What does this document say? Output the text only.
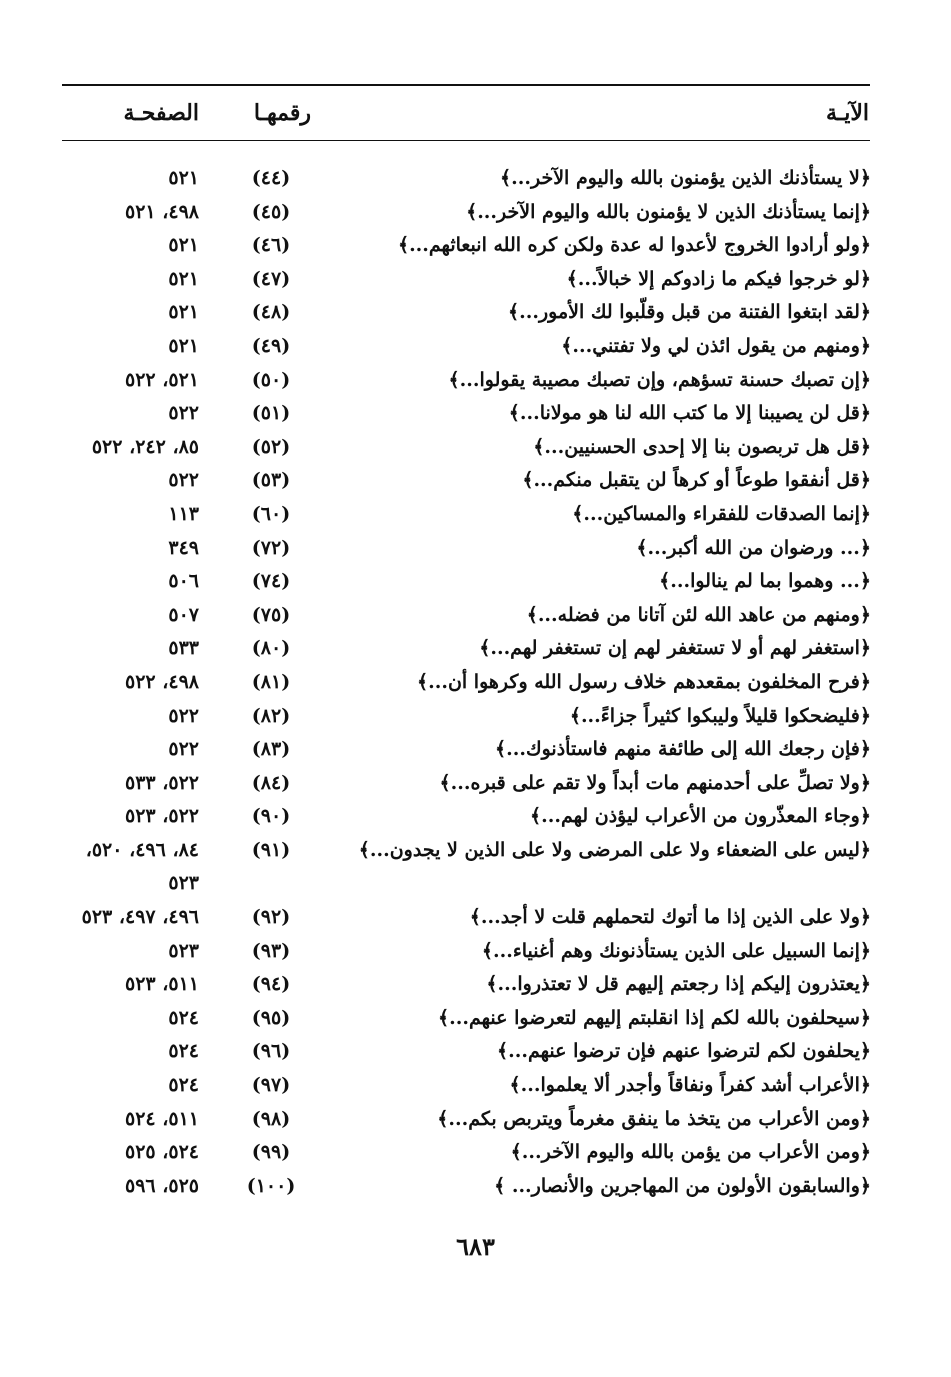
الآيـة
رقمهـا
الصفحـة
﴿لا يستأذنك الذين يؤمنون بالله واليوم الآخر...﴾
(٤٤)
٥٢١
﴿إنما يستأذنك الذين لا يؤمنون بالله واليوم الآخر...﴾
(٤٥)
٤٩٨، ٥٢١
﴿ولو أرادوا الخروج لأعدوا له عدة ولكن كره الله انبعاثهم...﴾
(٤٦)
٥٢١
﴿لو خرجوا فيكم ما زادوكم إلا خبالاً...﴾
(٤٧)
٥٢١
﴿لقد ابتغوا الفتنة من قبل وقلّبوا لك الأمور...﴾
(٤٨)
٥٢١
﴿ومنهم من يقول ائذن لي ولا تفتني...﴾
(٤٩)
٥٢١
﴿إن تصبك حسنة تسؤهم، وإن تصبك مصيبة يقولوا...﴾
(٥٠)
٥٢١، ٥٢٢
﴿قل لن يصيبنا إلا ما كتب الله لنا هو مولانا...﴾
(٥١)
٥٢٢
﴿قل هل تربصون بنا إلا إحدى الحسنيين...﴾
(٥٢)
٨٥، ٢٤٢، ٥٢٢
﴿قل أنفقوا طوعاً أو كرهاً لن يتقبل منكم...﴾
(٥٣)
٥٢٢
﴿إنما الصدقات للفقراء والمساكين...﴾
(٦٠)
١١٣
﴿... ورضوان من الله أكبر...﴾
(٧٢)
٣٤٩
﴿... وهموا بما لم ينالوا...﴾
(٧٤)
٥٠٦
﴿ومنهم من عاهد الله لئن آتانا من فضله...﴾
(٧٥)
٥٠٧
﴿استغفر لهم أو لا تستغفر لهم إن تستغفر لهم...﴾
(٨٠)
٥٣٣
﴿فرح المخلفون بمقعدهم خلاف رسول الله وكرهوا أن...﴾
(٨١)
٤٩٨، ٥٢٢
﴿فليضحكوا قليلاً وليبكوا كثيراً جزاءً...﴾
(٨٢)
٥٢٢
﴿فإن رجعك الله إلى طائفة منهم فاستأذنوك...﴾
(٨٣)
٥٢٢
﴿ولا تصلِّ على أحدمنهم مات أبداً ولا تقم على قبره...﴾
(٨٤)
٥٢٢، ٥٣٣
﴿وجاء المعذّرون من الأعراب ليؤذن لهم...﴾
(٩٠)
٥٢٢، ٥٢٣
﴿ليس على الضعفاء ولا على المرضى ولا على الذين لا يجدون...﴾
(٩١)
٨٤، ٤٩٦، ٥٢٠،
٥٢٣
﴿ولا على الذين إذا ما أتوك لتحملهم قلت لا أجد...﴾
(٩٢)
٤٩٦، ٤٩٧، ٥٢٣
﴿إنما السبيل على الذين يستأذنونك وهم أغنياء...﴾
(٩٣)
٥٢٣
﴿يعتذرون إليكم إذا رجعتم إليهم قل لا تعتذروا...﴾
(٩٤)
٥١١، ٥٢٣
﴿سيحلفون بالله لكم إذا انقلبتم إليهم لتعرضوا عنهم...﴾
(٩٥)
٥٢٤
﴿يحلفون لكم لترضوا عنهم فإن ترضوا عنهم...﴾
(٩٦)
٥٢٤
﴿الأعراب أشد كفراً ونفاقاً وأجدر ألا يعلموا...﴾
(٩٧)
٥٢٤
﴿ومن الأعراب من يتخذ ما ينفق مغرماً ويتربص بكم...﴾
(٩٨)
٥١١، ٥٢٤
﴿ومن الأعراب من يؤمن بالله واليوم الآخر...﴾
(٩٩)
٥٢٤، ٥٢٥
﴿والسابقون الأولون من المهاجرين والأنصار... ﴾
(١٠٠)
٥٢٥، ٥٩٦
٦٨٣
